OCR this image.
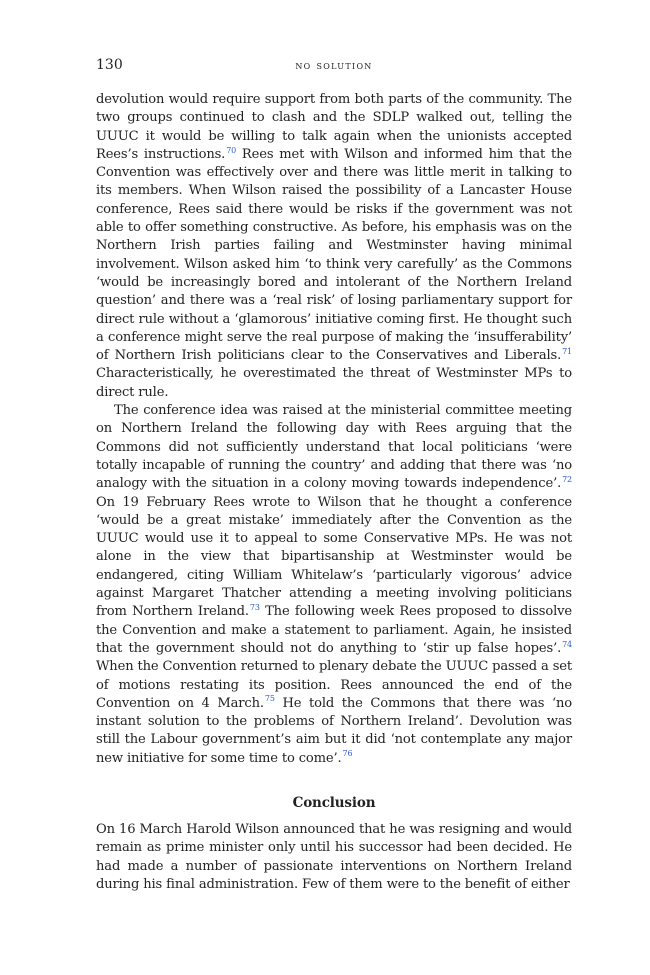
130	no solution

devolution would require support from both parts of the community. The two groups continued to clash and the SDLP walked out, telling the UUUC it would be willing to talk again when the unionists accepted Rees’s instructions.$^{70}$ Rees met with Wilson and informed him that the Convention was effectively over and there was little merit in talking to its members. When Wilson raised the possibility of a Lancaster House conference, Rees said there would be risks if the government was not able to offer something constructive. As before, his emphasis was on the Northern Irish parties failing and Westminster having minimal involvement. Wilson asked him ‘to think very carefully’ as the Commons ‘would be increasingly bored and intolerant of the Northern Ireland question’ and there was a ‘real risk’ of losing parliamentary support for direct rule without a ‘glamorous’ initiative coming first. He thought such a conference might serve the real purpose of making the ‘insufferability’ of Northern Irish politicians clear to the Conservatives and Liberals.$^{71}$ Characteristically, he overestimated the threat of Westminster MPs to direct rule.

The conference idea was raised at the ministerial committee meeting on Northern Ireland the following day with Rees arguing that the Commons did not sufficiently understand that local politicians ‘were totally incapable of running the country’ and adding that there was ‘no analogy with the situation in a colony moving towards independence’.$^{72}$ On 19 February Rees wrote to Wilson that he thought a conference ‘would be a great mistake’ immediately after the Convention as the UUUC would use it to appeal to some Conservative MPs. He was not alone in the view that bipartisanship at Westminster would be endangered, citing William Whitelaw’s ‘particularly vigorous’ advice against Margaret Thatcher attending a meeting involving politicians from Northern Ireland.$^{73}$ The following week Rees proposed to dissolve the Convention and make a statement to parliament. Again, he insisted that the government should not do anything to ‘stir up false hopes’.$^{74}$ When the Convention returned to plenary debate the UUUC passed a set of motions restating its position. Rees announced the end of the Convention on 4 March.$^{75}$ He told the Commons that there was ‘no instant solution to the problems of Northern Ireland’. Devolution was still the Labour government’s aim but it did ‘not contemplate any major new initiative for some time to come’.$^{76}$

Conclusion

On 16 March Harold Wilson announced that he was resigning and would remain as prime minister only until his successor had been decided. He had made a number of passionate interventions on Northern Ireland during his final administration. Few of them were to the benefit of either
